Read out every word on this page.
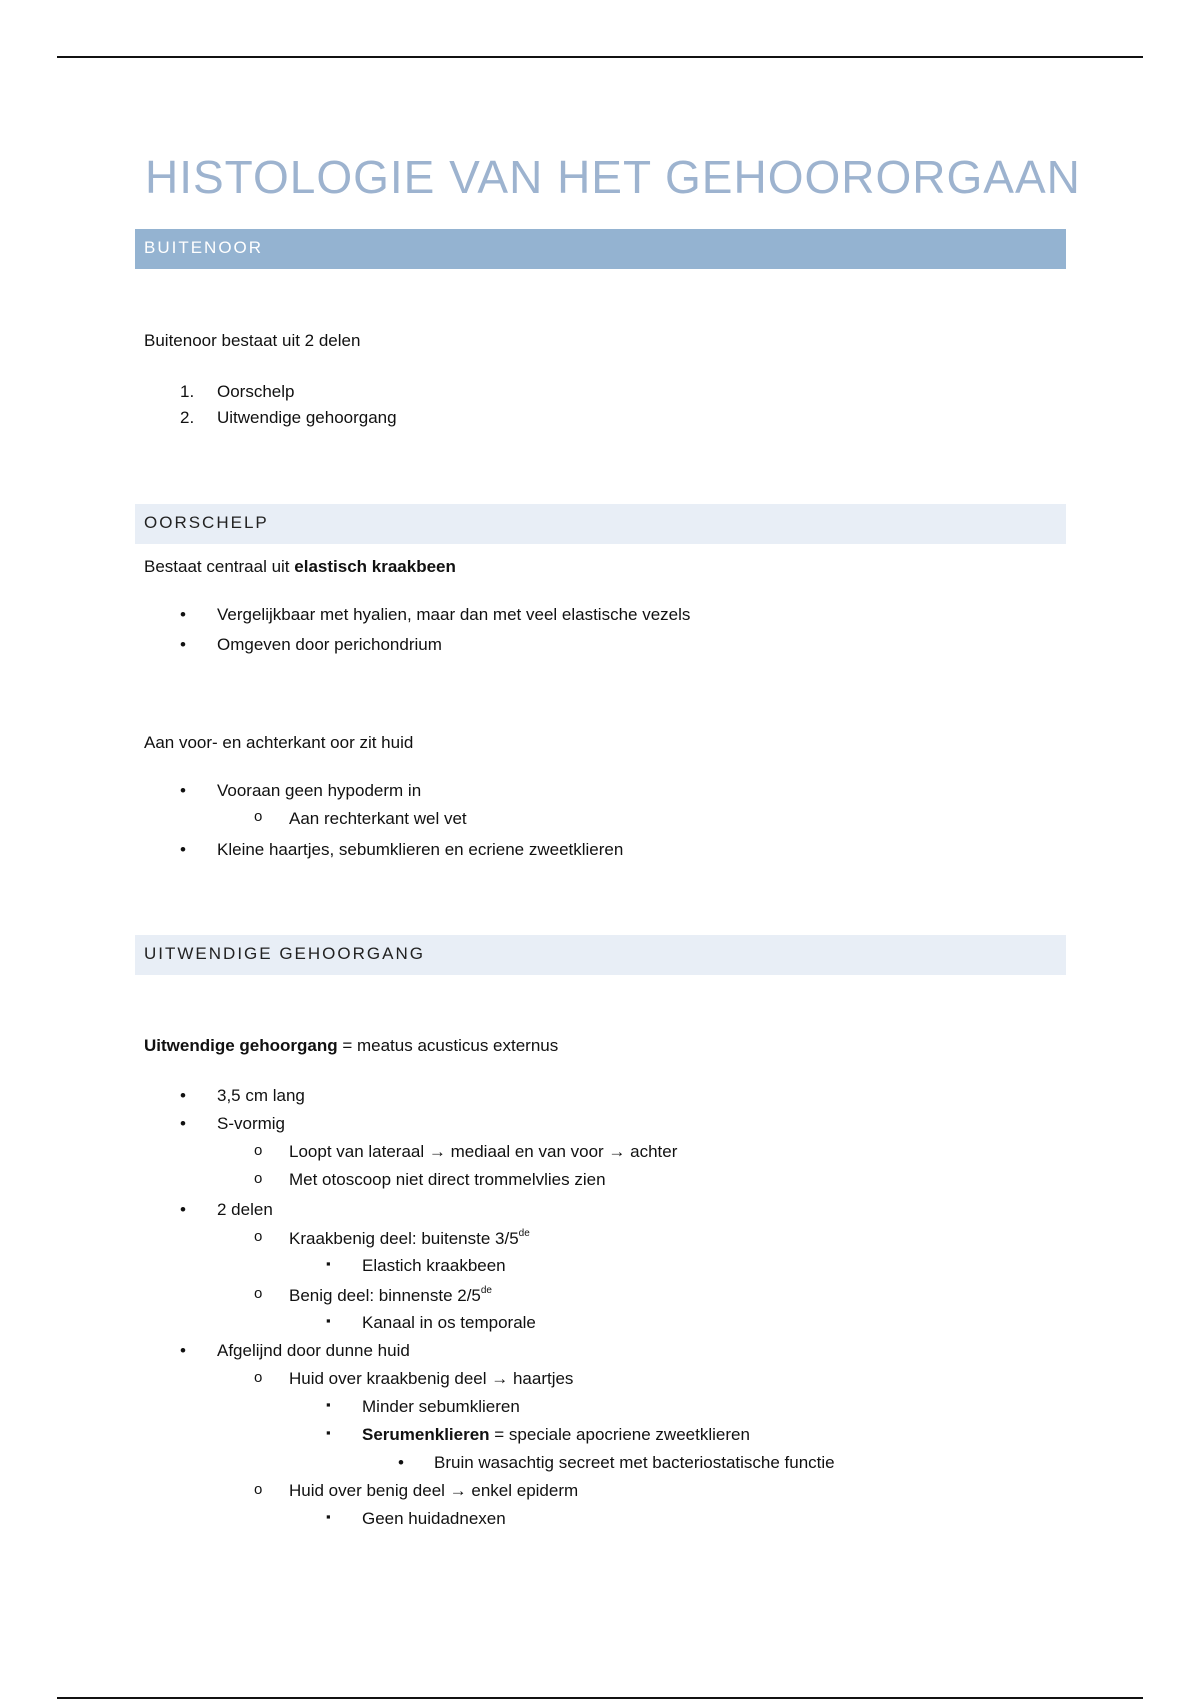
HISTOLOGIE VAN HET GEHOORORGAAN
BUITENOOR
Buitenoor bestaat uit 2 delen
1. Oorschelp
2. Uitwendige gehoorgang
OORSCHELP
Bestaat centraal uit elastisch kraakbeen
• Vergelijkbaar met hyalien, maar dan met veel elastische vezels
• Omgeven door perichondrium
Aan voor- en achterkant oor zit huid
• Vooraan geen hypoderm in
o Aan rechterkant wel vet
• Kleine haartjes, sebumklieren en ecriene zweetklieren
UITWENDIGE GEHOORGANG
Uitwendige gehoorgang = meatus acusticus externus
• 3,5 cm lang
• S-vormig
o Loopt van lateraal → mediaal en van voor → achter
o Met otoscoop niet direct trommelvlies zien
• 2 delen
o Kraakbenig deel: buitenste 3/5de
▪ Elastich kraakbeen
o Benig deel: binnenste 2/5de
▪ Kanaal in os temporale
• Afgelijnd door dunne huid
o Huid over kraakbenig deel → haartjes
▪ Minder sebumklieren
▪ Serumenklieren = speciale apocriene zweetklieren
• Bruin wasachtig secreet met bacteriostatische functie
o Huid over benig deel → enkel epiderm
▪ Geen huidadnexen
